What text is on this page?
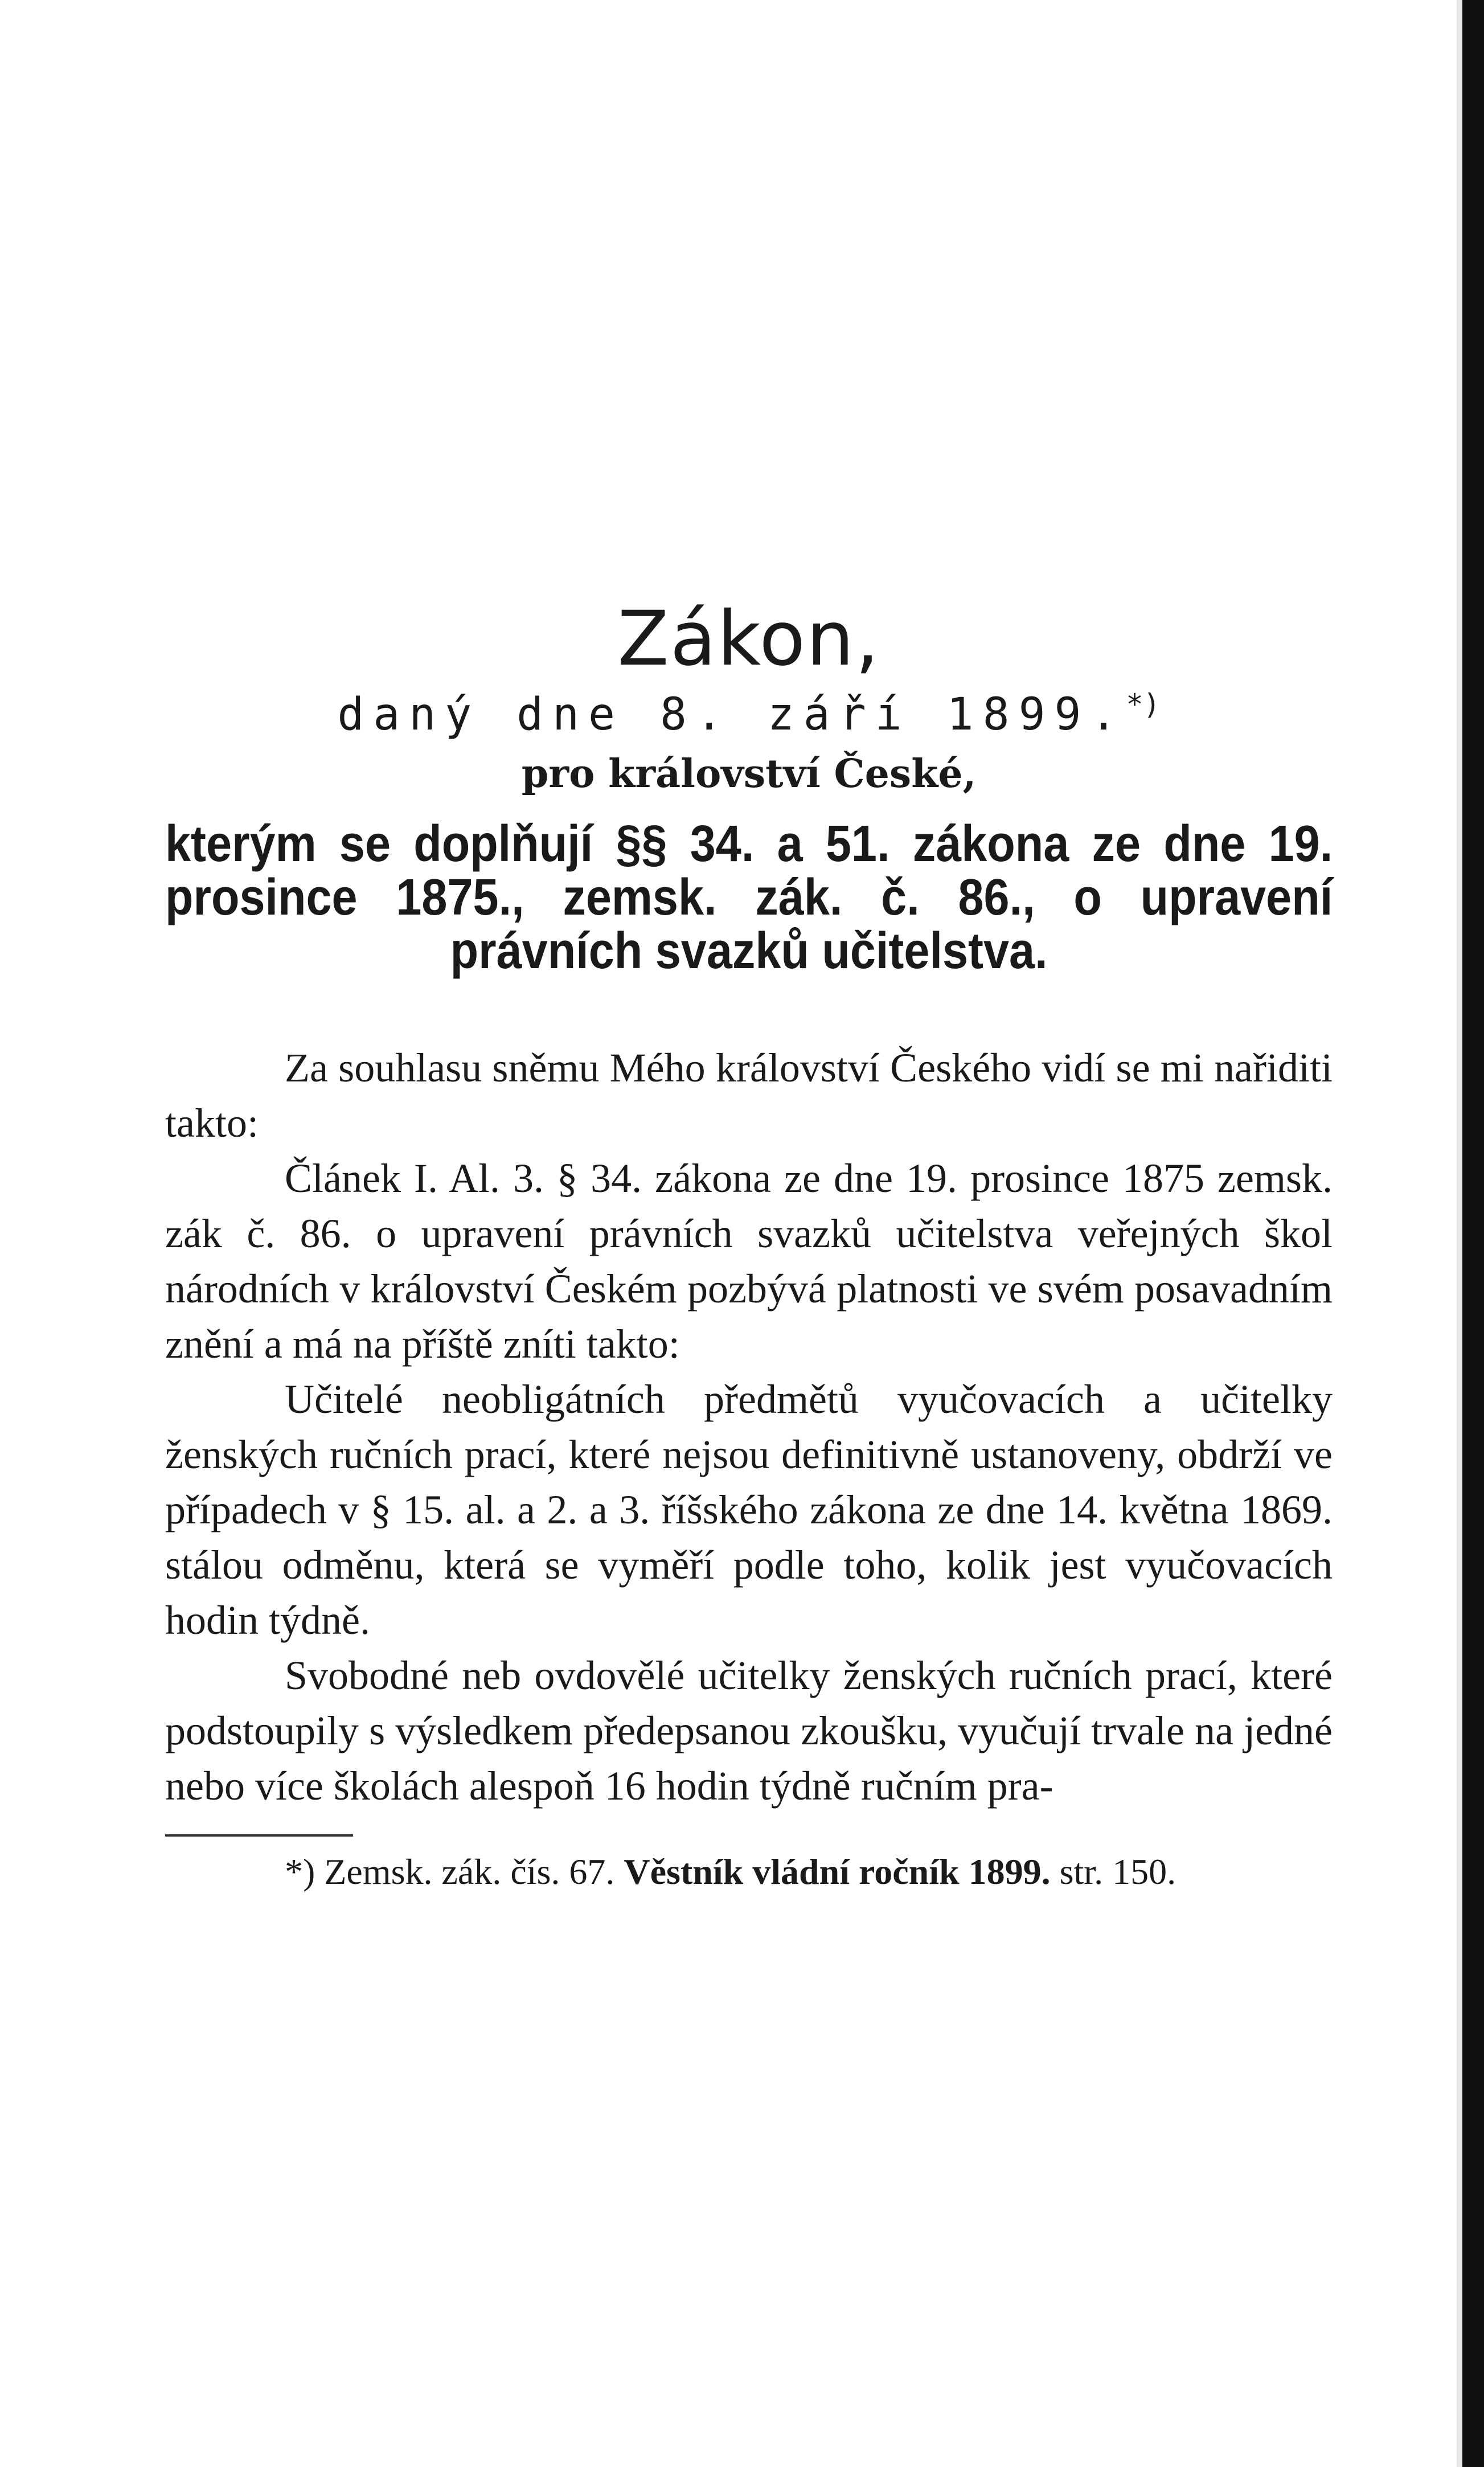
Zákon,

daný dne 8. září 1899.*)

pro království České,

kterým se doplňují §§ 34. a 51. zákona ze dne 19. prosince 1875., zemsk. zák. č. 86., o upravení právních svazků učitelstva.

Za souhlasu sněmu Mého království Českého vidí se mi nařiditi takto:

Článek I. Al. 3. § 34. zákona ze dne 19. prosince 1875 zemsk. zák č. 86. o upravení právních svazků učitelstva veřejných škol národních v království Českém pozbývá platnosti ve svém posavadním znění a má na příště zníti takto:

Učitelé neobligátních předmětů vyučovacích a učitelky ženských ručních prací, které nejsou definitivně ustanoveny, obdrží ve případech v § 15. al. a 2. a 3. říšského zákona ze dne 14. května 1869. stálou odměnu, která se vyměří podle toho, kolik jest vyučovacích hodin týdně.

Svobodné neb ovdovělé učitelky ženských ručních prací, které podstoupily s výsledkem předepsanou zkoušku, vyučují trvale na jedné nebo více školách alespoň 16 hodin týdně ručním pra-

*) Zemsk. zák. čís. 67. Věstník vládní ročník 1899. str. 150.
